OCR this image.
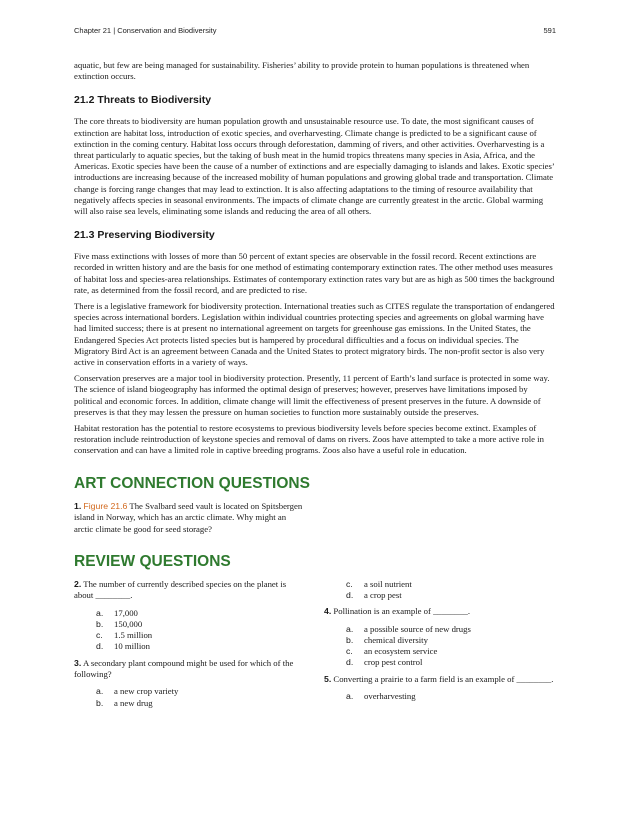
Chapter 21 | Conservation and Biodiversity	591

aquatic, but few are being managed for sustainability. Fisheries’ ability to provide protein to human populations is threatened when extinction occurs.

21.2 Threats to Biodiversity

The core threats to biodiversity are human population growth and unsustainable resource use. To date, the most significant causes of extinction are habitat loss, introduction of exotic species, and overharvesting. Climate change is predicted to be a significant cause of extinction in the coming century. Habitat loss occurs through deforestation, damming of rivers, and other activities. Overharvesting is a threat particularly to aquatic species, but the taking of bush meat in the humid tropics threatens many species in Asia, Africa, and the Americas. Exotic species have been the cause of a number of extinctions and are especially damaging to islands and lakes. Exotic species’ introductions are increasing because of the increased mobility of human populations and growing global trade and transportation. Climate change is forcing range changes that may lead to extinction. It is also affecting adaptations to the timing of resource availability that negatively affects species in seasonal environments. The impacts of climate change are currently greatest in the arctic. Global warming will also raise sea levels, eliminating some islands and reducing the area of all others.

21.3 Preserving Biodiversity

Five mass extinctions with losses of more than 50 percent of extant species are observable in the fossil record. Recent extinctions are recorded in written history and are the basis for one method of estimating contemporary extinction rates. The other method uses measures of habitat loss and species-area relationships. Estimates of contemporary extinction rates vary but are as high as 500 times the background rate, as determined from the fossil record, and are predicted to rise.

There is a legislative framework for biodiversity protection. International treaties such as CITES regulate the transportation of endangered species across international borders. Legislation within individual countries protecting species and agreements on global warming have had limited success; there is at present no international agreement on targets for greenhouse gas emissions. In the United States, the Endangered Species Act protects listed species but is hampered by procedural difficulties and a focus on individual species. The Migratory Bird Act is an agreement between Canada and the United States to protect migratory birds. The non-profit sector is also very active in conservation efforts in a variety of ways.

Conservation preserves are a major tool in biodiversity protection. Presently, 11 percent of Earth’s land surface is protected in some way. The science of island biogeography has informed the optimal design of preserves; however, preserves have limitations imposed by political and economic forces. In addition, climate change will limit the effectiveness of present preserves in the future. A downside of preserves is that they may lessen the pressure on human societies to function more sustainably outside the preserves.

Habitat restoration has the potential to restore ecosystems to previous biodiversity levels before species become extinct. Examples of restoration include reintroduction of keystone species and removal of dams on rivers. Zoos have attempted to take a more active role in conservation and can have a limited role in captive breeding programs. Zoos also have a useful role in education.

ART CONNECTION QUESTIONS
1. Figure 21.6 The Svalbard seed vault is located on Spitsbergen island in Norway, which has an arctic climate. Why might an arctic climate be good for seed storage?
REVIEW QUESTIONS
2. The number of currently described species on the planet is about ________.
a. 17,000
b. 150,000
c. 1.5 million
d. 10 million
3. A secondary plant compound might be used for which of the following?
a. a new crop variety
b. a new drug
c. a soil nutrient
d. a crop pest
4. Pollination is an example of ________.
a. a possible source of new drugs
b. chemical diversity
c. an ecosystem service
d. crop pest control
5. Converting a prairie to a farm field is an example of ________.
a. overharvesting
